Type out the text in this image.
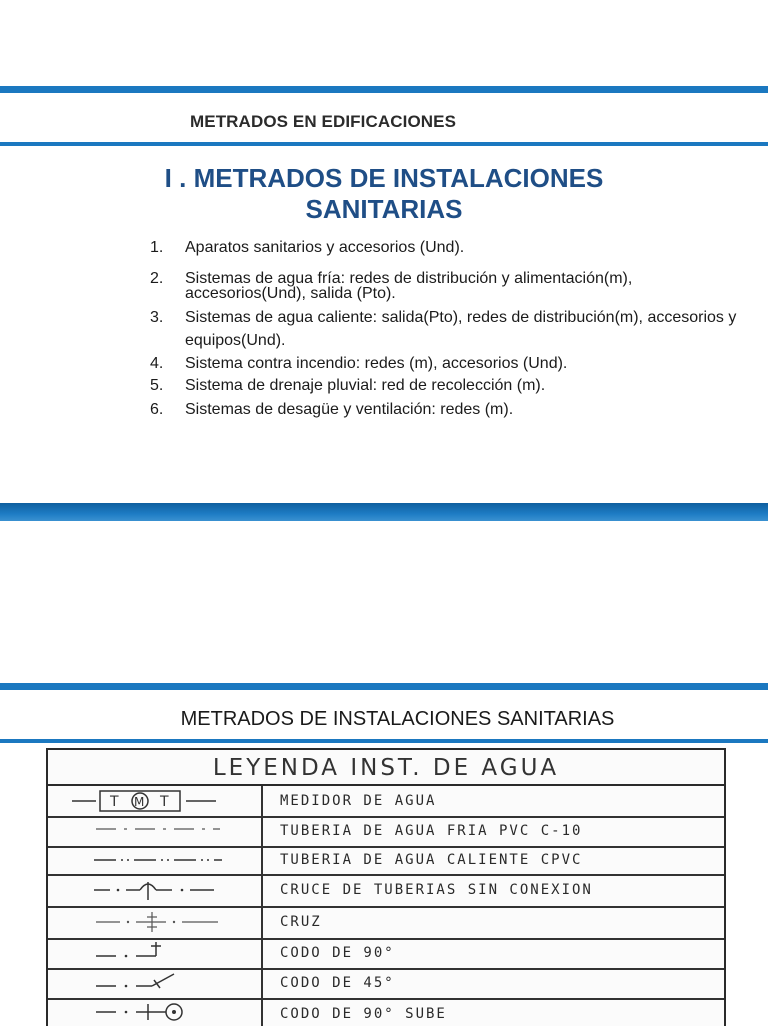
METRADOS EN EDIFICACIONES
I . METRADOS DE INSTALACIONES
SANITARIAS
1. Aparatos sanitarios y accesorios (Und).
2. Sistemas de agua fría: redes de distribución y alimentación(m), accesorios(Und), salida (Pto).
3. Sistemas de agua caliente: salida(Pto), redes de distribución(m), accesorios y equipos(Und).
4. Sistema contra incendio: redes (m), accesorios (Und).
5. Sistema de drenaje pluvial: red de recolección (m).
6. Sistemas de desagüe y ventilación: redes (m).
METRADOS DE INSTALACIONES SANITARIAS
LEYENDA INST. DE AGUA
T M T	MEDIDOR DE AGUA
TUBERIA DE AGUA FRIA PVC C-10
TUBERIA DE AGUA CALIENTE CPVC
CRUCE DE TUBERIAS SIN CONEXION
CRUZ
CODO DE 90°
CODO DE 45°
CODO DE 90° SUBE
